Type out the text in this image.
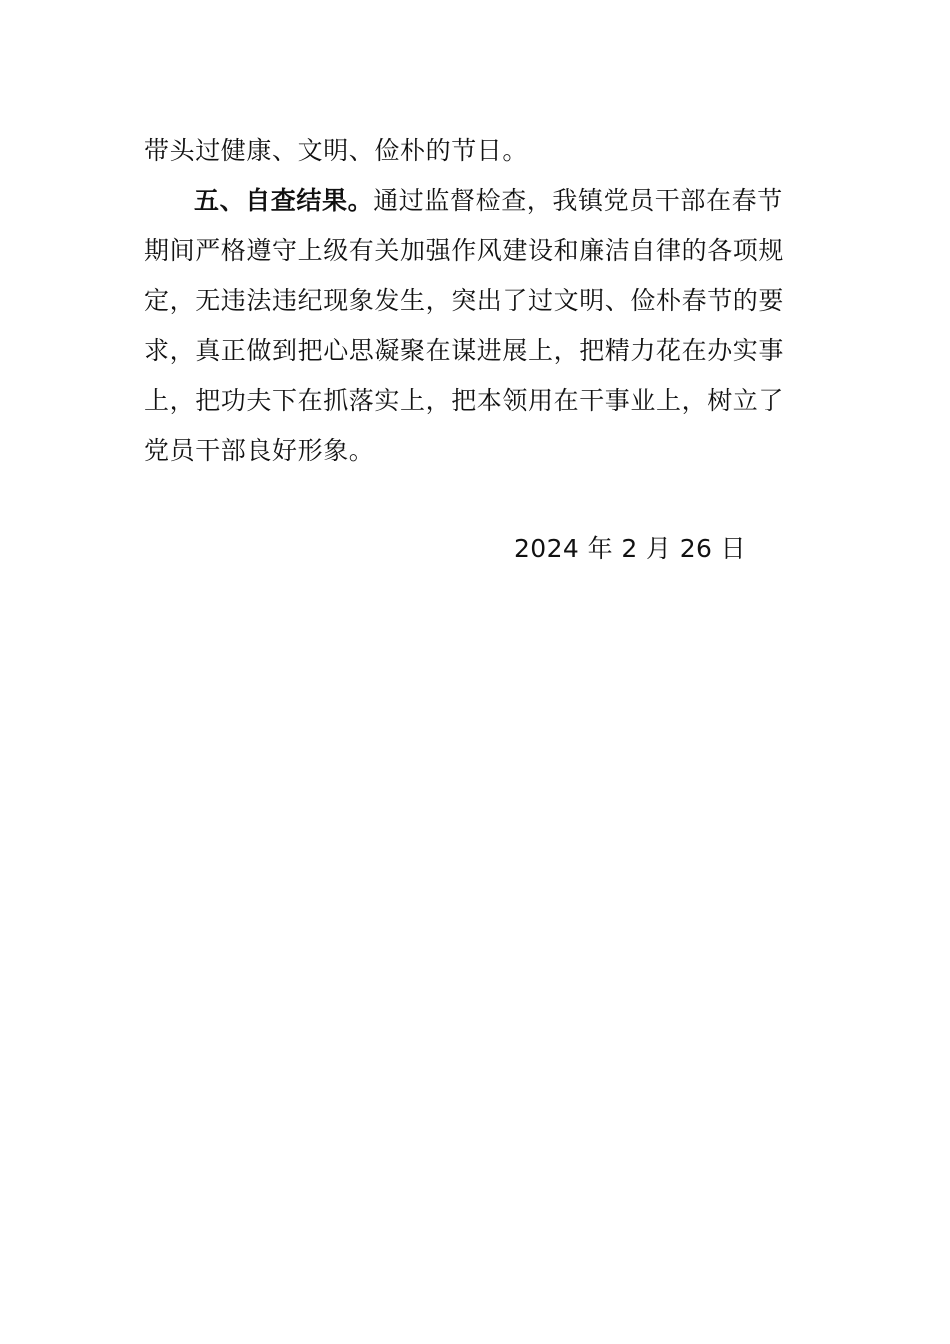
带头过健康、文明、俭朴的节日。

五、自查结果。通过监督检查，我镇党员干部在春节期间严格遵守上级有关加强作风建设和廉洁自律的各项规定，无违法违纪现象发生，突出了过文明、俭朴春节的要求，真正做到把心思凝聚在谋进展上，把精力花在办实事上，把功夫下在抓落实上，把本领用在干事业上，树立了党员干部良好形象。

2024 年 2 月 26 日
